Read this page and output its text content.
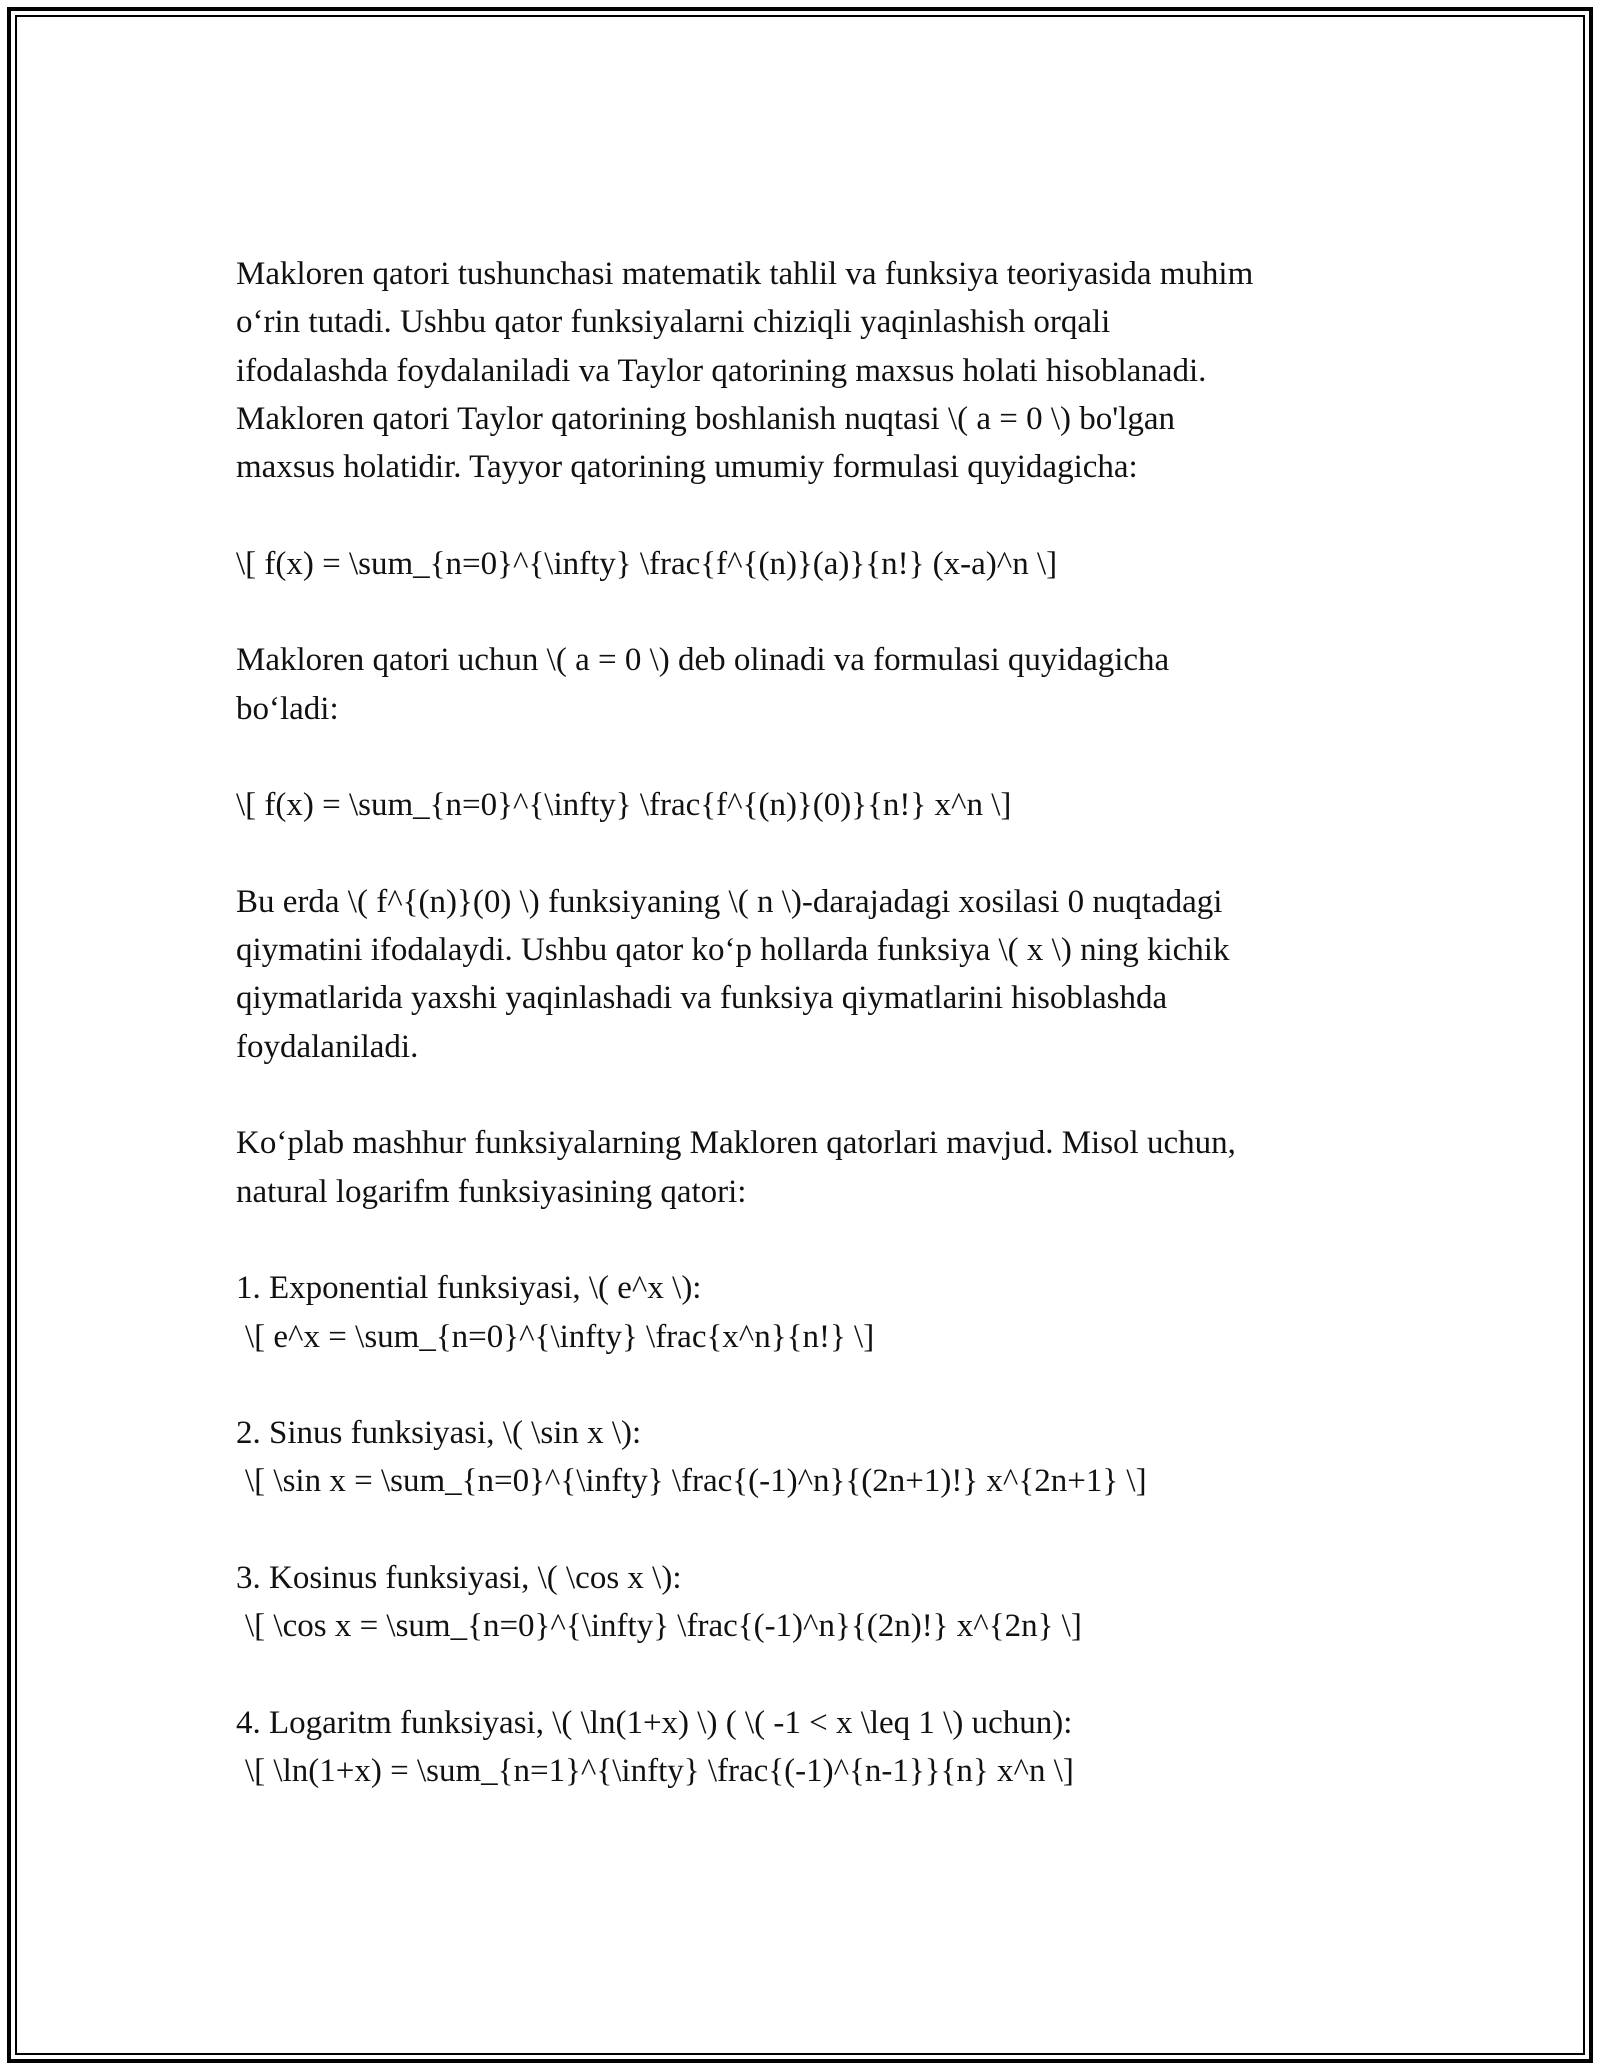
Makloren qatori tushunchasi matematik tahlil va funksiya teoriyasida muhim

o‘rin tutadi. Ushbu qator funksiyalarni chiziqli yaqinlashish orqali

ifodalashda foydalaniladi va Taylor qatorining maxsus holati hisoblanadi.

Makloren qatori Taylor qatorining boshlanish nuqtasi \( a = 0 \) bo'lgan

maxsus holatidir. Tayyor qatorining umumiy formulasi quyidagicha:

\[ f(x) = \sum_{n=0}^{\infty} \frac{f^{(n)}(a)}{n!} (x-a)^n \]

Makloren qatori uchun \( a = 0 \) deb olinadi va formulasi quyidagicha

bo‘ladi:

\[ f(x) = \sum_{n=0}^{\infty} \frac{f^{(n)}(0)}{n!} x^n \]

Bu erda \( f^{(n)}(0) \) funksiyaning \( n \)-darajadagi xosilasi 0 nuqtadagi

qiymatini ifodalaydi. Ushbu qator ko‘p hollarda funksiya \( x \) ning kichik

qiymatlarida yaxshi yaqinlashadi va funksiya qiymatlarini hisoblashda

foydalaniladi.

Ko‘plab mashhur funksiyalarning Makloren qatorlari mavjud. Misol uchun,

natural logarifm funksiyasining qatori:

1. Exponential funksiyasi, \( e^x \):

\[ e^x = \sum_{n=0}^{\infty} \frac{x^n}{n!} \]

2. Sinus funksiyasi, \( \sin x \):

\[ \sin x = \sum_{n=0}^{\infty} \frac{(-1)^n}{(2n+1)!} x^{2n+1} \]

3. Kosinus funksiyasi, \( \cos x \):

\[ \cos x = \sum_{n=0}^{\infty} \frac{(-1)^n}{(2n)!} x^{2n} \]

4. Logaritm funksiyasi, \( \ln(1+x) \) ( \( -1 < x \leq 1 \) uchun):

\[ \ln(1+x) = \sum_{n=1}^{\infty} \frac{(-1)^{n-1}}{n} x^n \]
